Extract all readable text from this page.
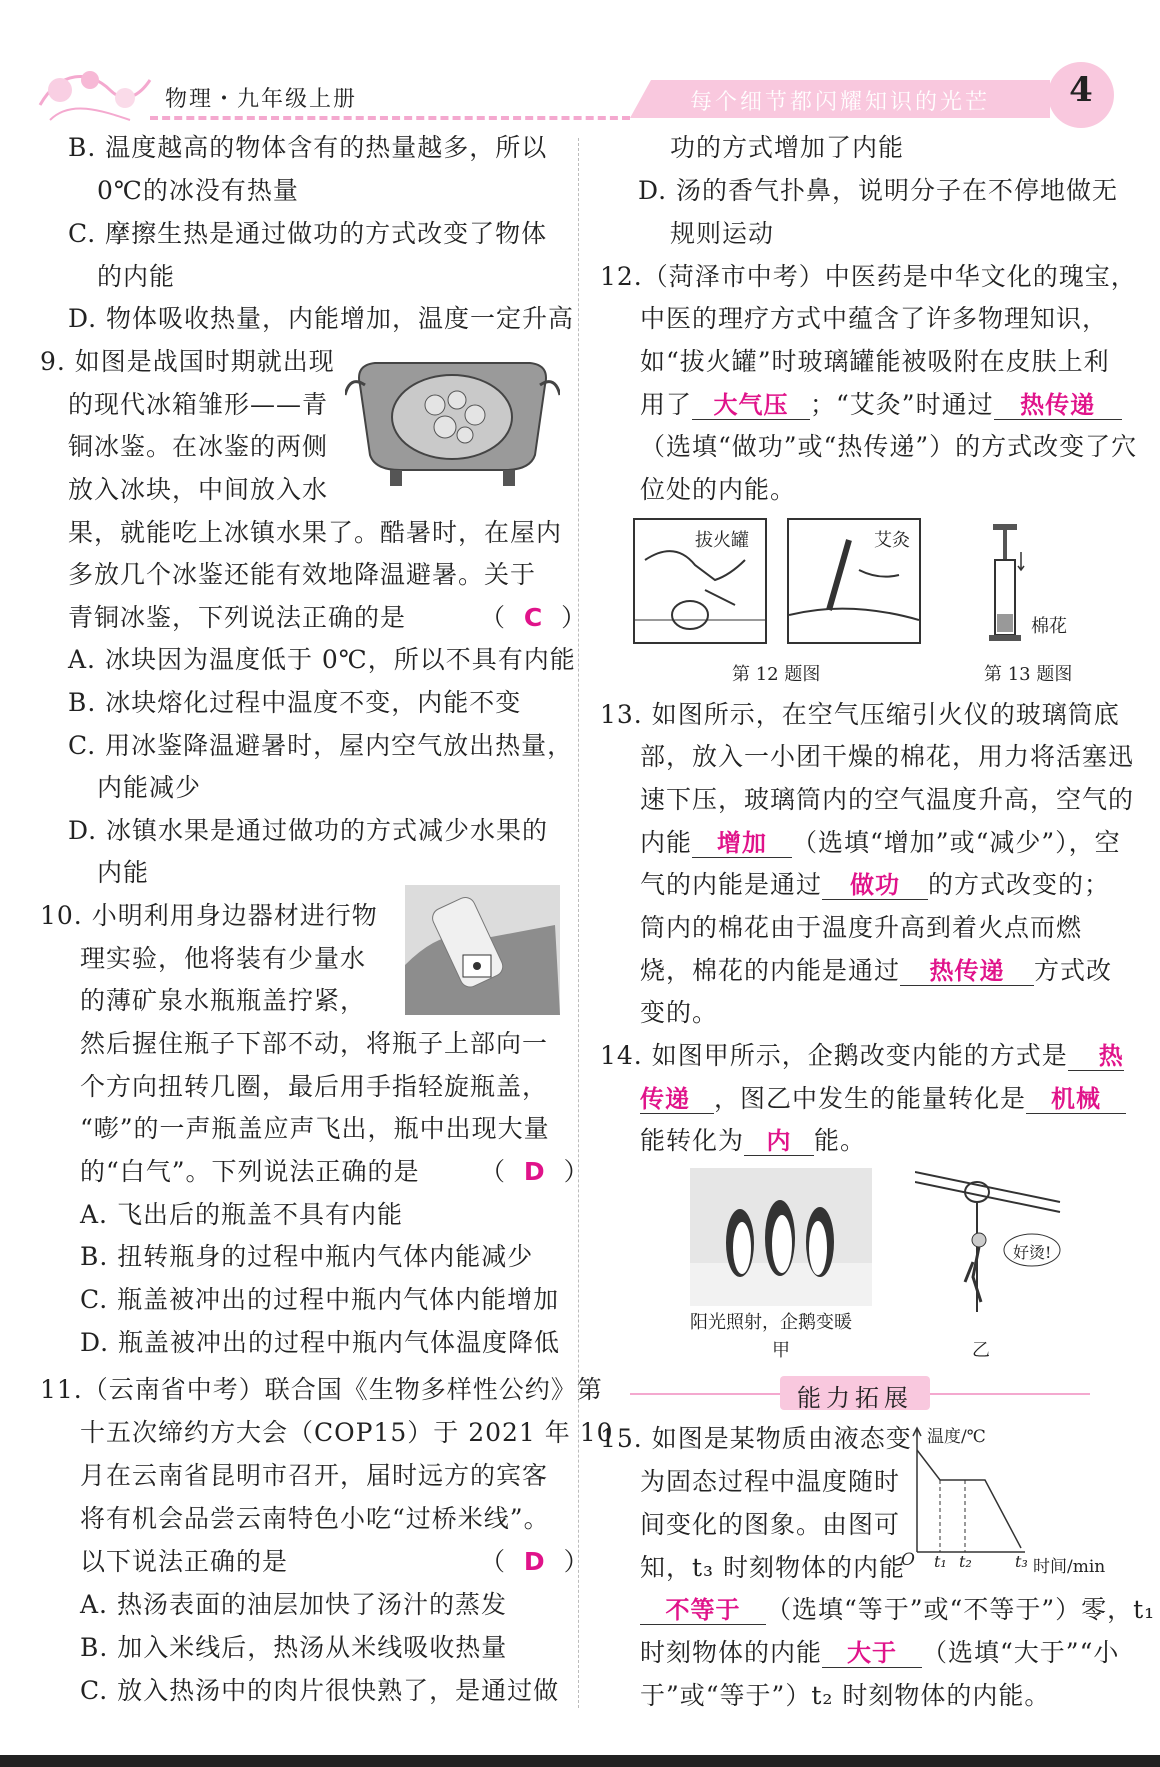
物理・九年级上册	每个细节都闪耀知识的光芒	4
B. 温度越高的物体含有的热量越多，所以
0℃的冰没有热量
C. 摩擦生热是通过做功的方式改变了物体
的内能
D. 物体吸收热量，内能增加，温度一定升高
9. 如图是战国时期就出现
的现代冰箱雏形——青
铜冰鉴。在冰鉴的两侧
放入冰块，中间放入水
果，就能吃上冰镇水果了。酷暑时，在屋内
多放几个冰鉴还能有效地降温避暑。关于
青铜冰鉴，下列说法正确的是	（  C  ）
A. 冰块因为温度低于 0℃，所以不具有内能
B. 冰块熔化过程中温度不变，内能不变
C. 用冰鉴降温避暑时，屋内空气放出热量，
内能减少
D. 冰镇水果是通过做功的方式减少水果的
内能
10. 小明利用身边器材进行物
理实验，他将装有少量水
的薄矿泉水瓶瓶盖拧紧，
然后握住瓶子下部不动，将瓶子上部向一
个方向扭转几圈，最后用手指轻旋瓶盖，
“嘭”的一声瓶盖应声飞出，瓶中出现大量
的“白气”。下列说法正确的是 （  D  ）
A. 飞出后的瓶盖不具有内能
B. 扭转瓶身的过程中瓶内气体内能减少
C. 瓶盖被冲出的过程中瓶内气体内能增加
D. 瓶盖被冲出的过程中瓶内气体温度降低
11.（云南省中考）联合国《生物多样性公约》第
十五次缔约方大会（COP15）于 2021 年 10
月在云南省昆明市召开，届时远方的宾客
将有机会品尝云南特色小吃“过桥米线”。
以下说法正确的是	（  D  ）
A. 热汤表面的油层加快了汤汁的蒸发
B. 加入米线后，热汤从米线吸收热量
C. 放入热汤中的肉片很快熟了，是通过做
功的方式增加了内能
D. 汤的香气扑鼻，说明分子在不停地做无
规则运动
12.（菏泽市中考）中医药是中华文化的瑰宝，
中医的理疗方式中蕴含了许多物理知识，
如“拔火罐”时玻璃罐能被吸附在皮肤上利
用了 大气压 ；“艾灸”时通过 热传递
（选填“做功”或“热传递”）的方式改变了穴
位处的内能。
拔火罐	艾灸
棉花
第 12 题图	第 13 题图
13. 如图所示，在空气压缩引火仪的玻璃筒底
部，放入一小团干燥的棉花，用力将活塞迅
速下压，玻璃筒内的空气温度升高，空气的
内能 增加 （选填“增加”或“减少”），空
气的内能是通过 做功 的方式改变的；
筒内的棉花由于温度升高到着火点而燃
烧，棉花的内能是通过 热传递 方式改
变的。
14. 如图甲所示，企鹅改变内能的方式是 热
传递 ，图乙中发生的能量转化是 机械
能转化为 内 能。
阳光照射，企鹅变暖
甲
好烫!
乙
能力拓展
15. 如图是某物质由液态变
为固态过程中温度随时
间变化的图象。由图可
知，t₃ 时刻物体的内能
温度/℃
O t₁ t₂	t₃ 时间/min
不等于 （选填“等于”或“不等于”）零，t₁
时刻物体的内能 大于 （选填“大于”“小
于”或“等于”）t₂ 时刻物体的内能。
